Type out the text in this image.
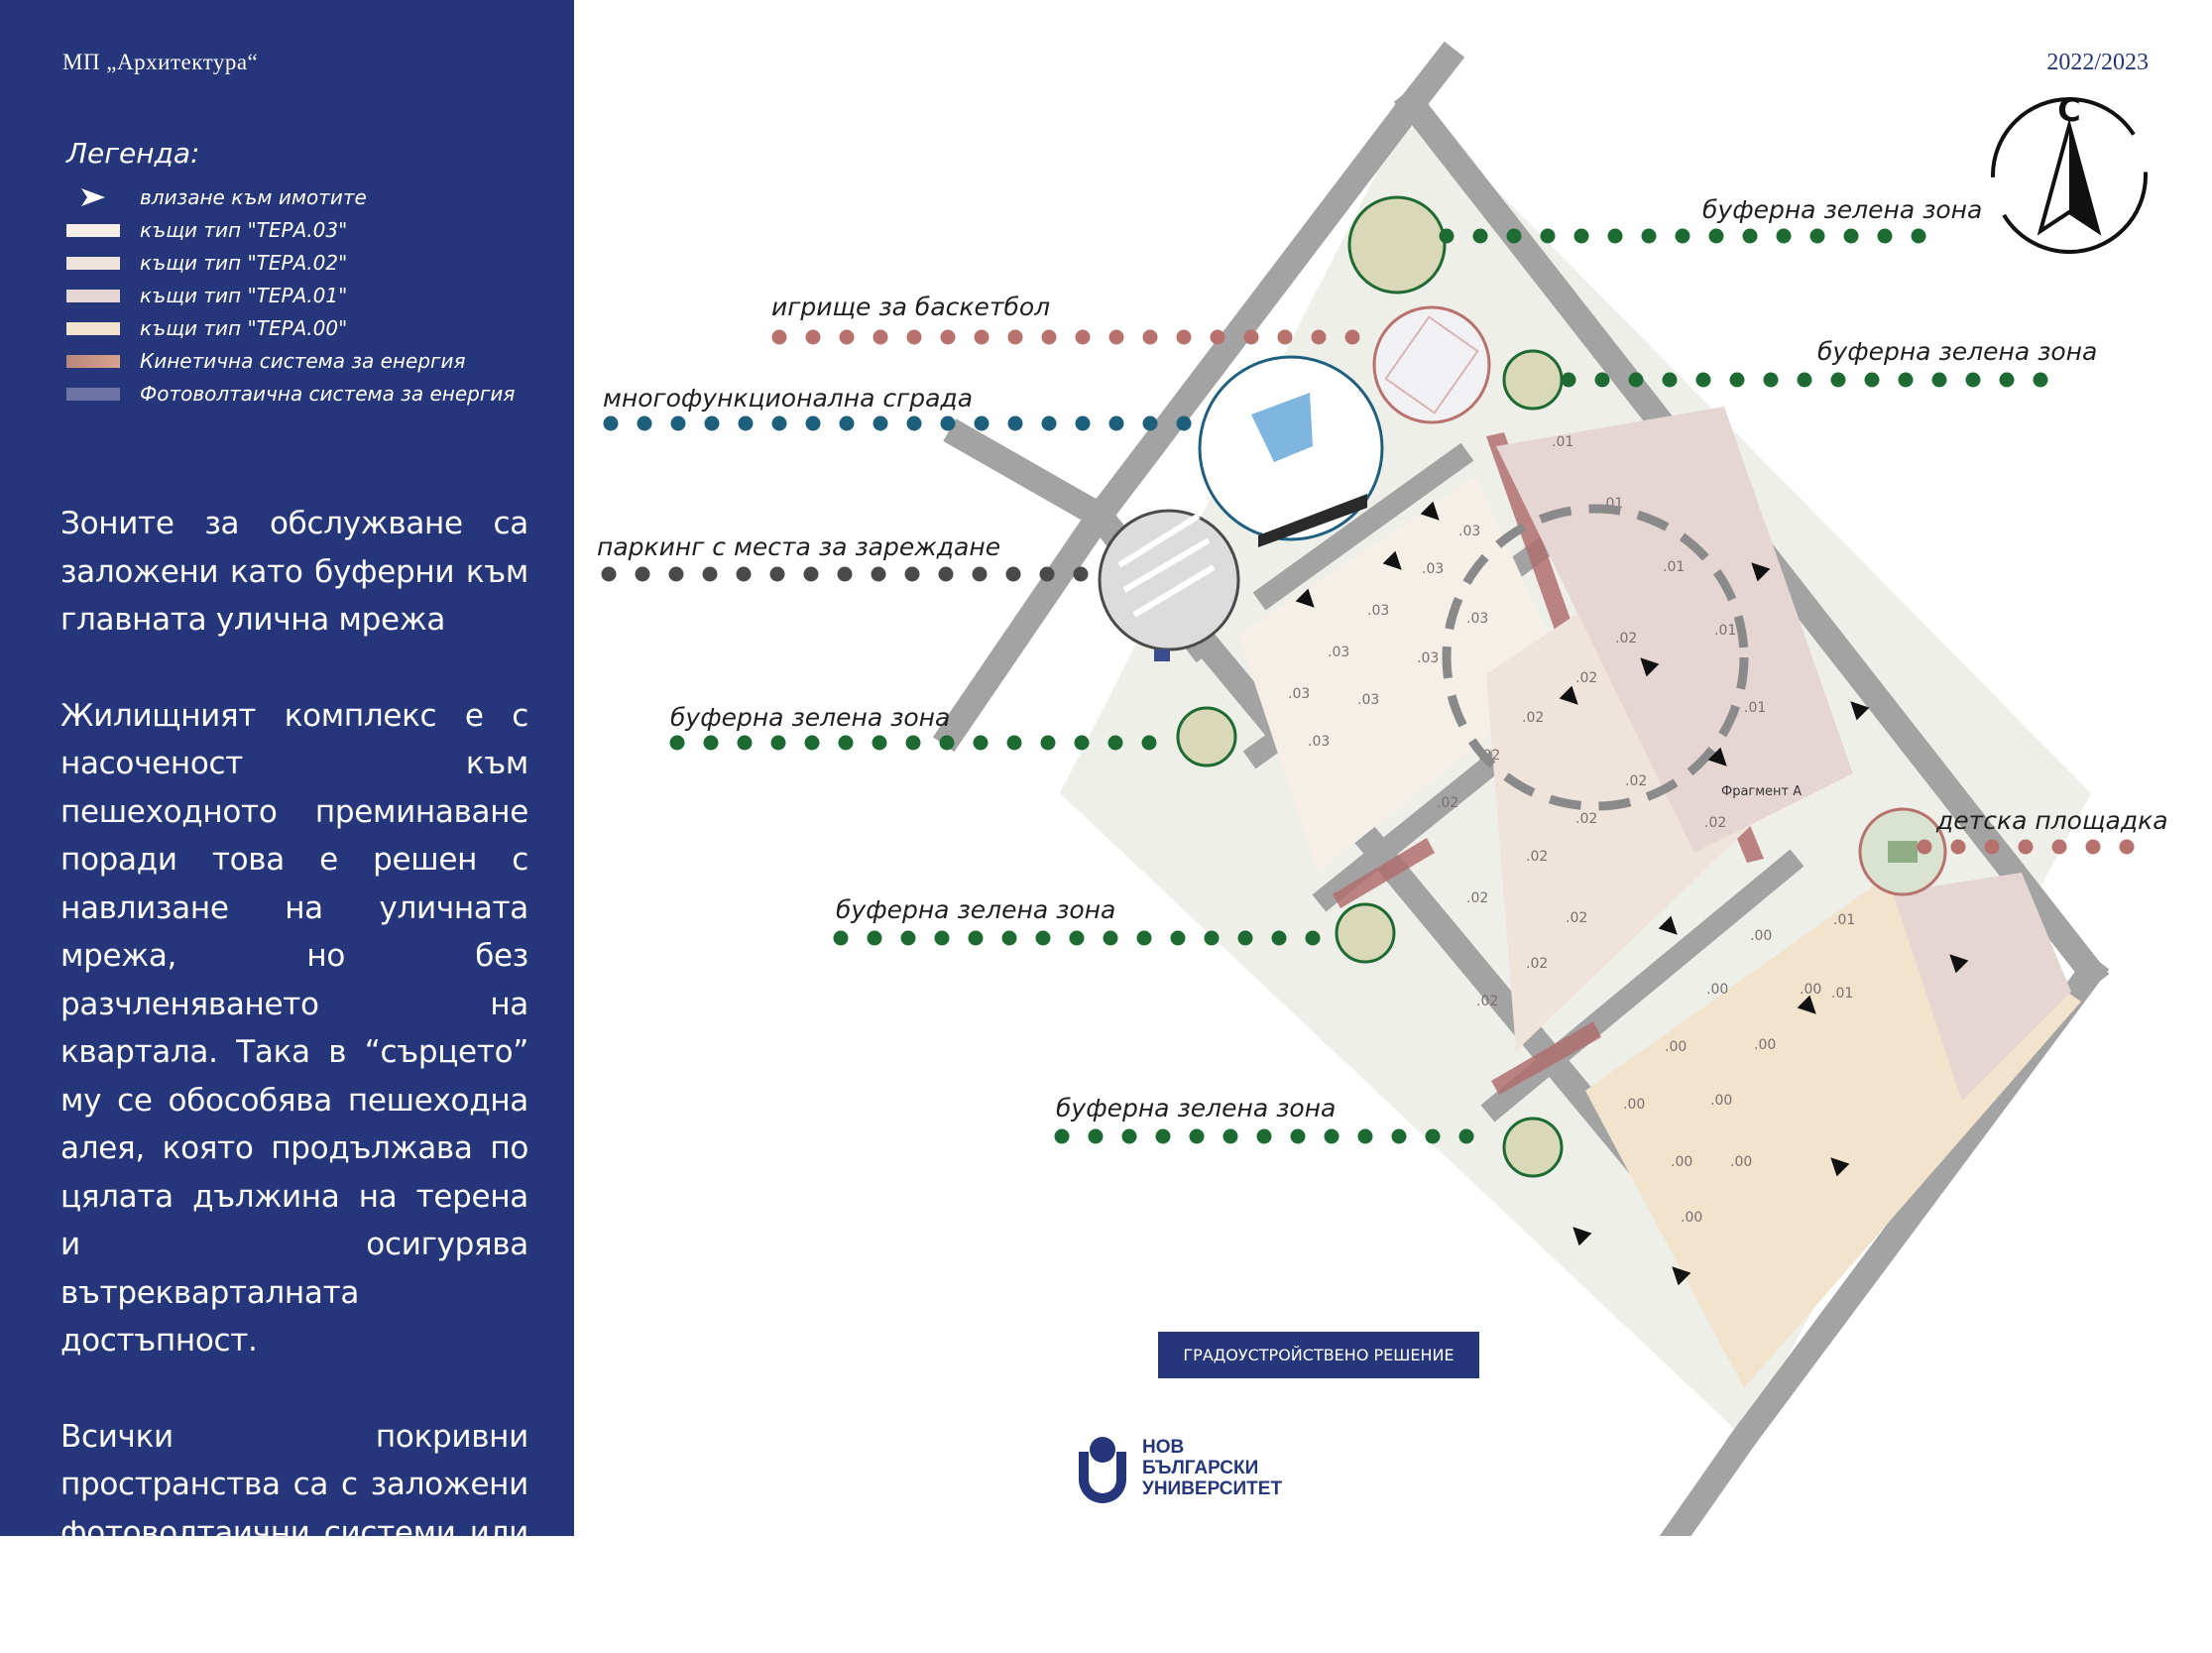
МП „Архитектура“
Легенда:
влизане към имотите
къщи тип "ТЕРА.03"
къщи тип "ТЕРА.02"
къщи тип "ТЕРА.01"
къщи тип "ТЕРА.00"
Кинетична система за енергия
Фотоволтаична система за енергия

Зоните за обслужване са заложени като буферни към главната улична мрежа

Жилищният комплекс е с насоченост към пешеходното преминаване поради това е решен с навлизане на уличната мрежа, но без разчленяването на квартала. Така в “сърцето” му се обособява пешеходна алея, която продължава по цялата дължина на терена и осигурява вътрекварталната достъпност.

Всички покривни пространства са с заложени фотоволтаични системи или озеленяване.

2022/2023
.03
.03
.03
.03
.03
.03
.03
.03
.03
.02
.02
.02
.02
.02
.02
.02
.02
.02
.02
.02
.02
.02
.01
.01
.01
.01
.01
.01
.01
.00
.00
.00
.00
.00
.00
.00
.00
.00
.00
Фрагмент А
буферна зелена зона
буферна зелена зона
игрище за баскетбол
многофункционална сграда
паркинг с места за зареждане
буферна зелена зона
буферна зелена зона
буферна зелена зона
детска площадка
С
ГРАДОУСТРОЙСТВЕНО РЕШЕНИЕ
НОВ
БЪЛГАРСКИ
УНИВЕРСИТЕТ
